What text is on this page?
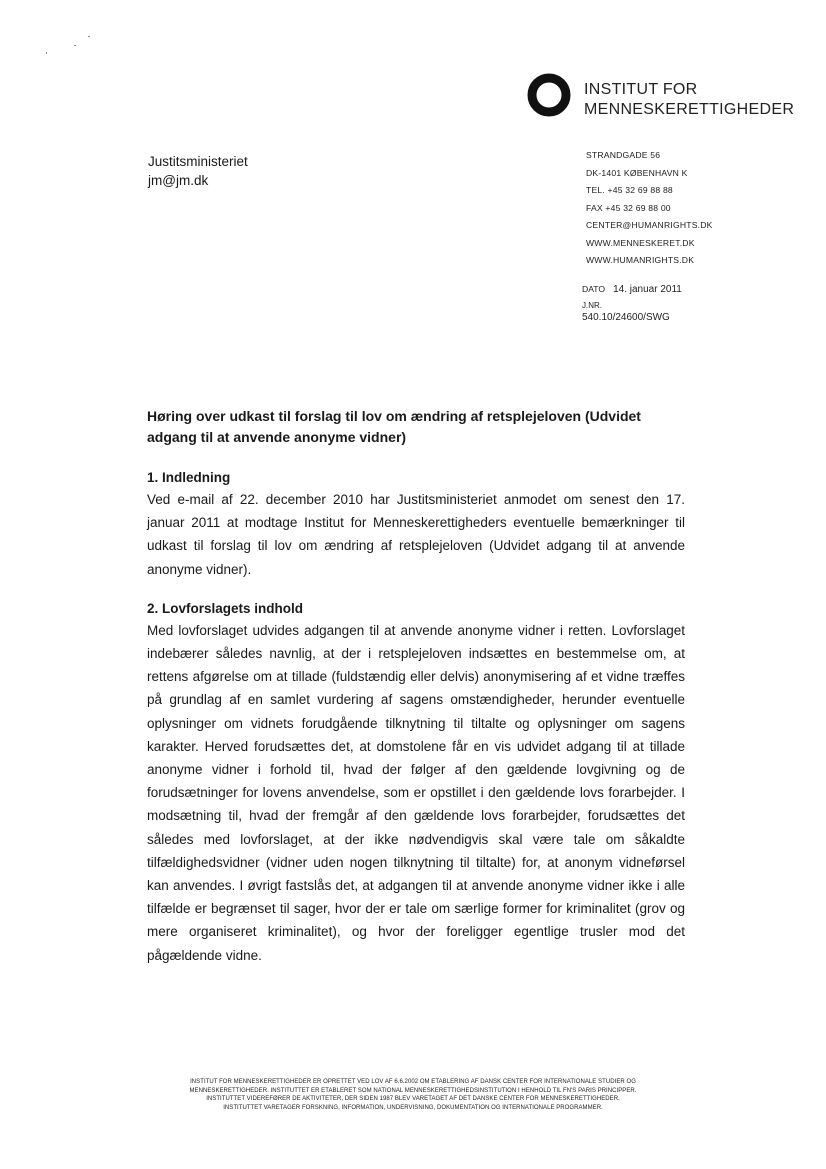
INSTITUT FOR
MENNESKERETTIGHEDER
Justitsministeriet
jm@jm.dk
STRANDGADE 56
DK-1401 KØBENHAVN K
TEL. +45 32 69 88 88
FAX +45 32 69 88 00
CENTER@HUMANRIGHTS.DK
WWW.MENNESKERET.DK
WWW.HUMANRIGHTS.DK
DATO 14. januar 2011
J.NR.
540.10/24600/SWG

Høring over udkast til forslag til lov om ændring af retsplejeloven (Udvidet adgang til at anvende anonyme vidner)

1. Indledning

Ved e-mail af 22. december 2010 har Justitsministeriet anmodet om senest den 17. januar 2011 at modtage Institut for Menneskerettigheders eventuelle bemærkninger til udkast til forslag til lov om ændring af retsplejeloven (Udvidet adgang til at anvende anonyme vidner).

2. Lovforslagets indhold

Med lovforslaget udvides adgangen til at anvende anonyme vidner i retten. Lovforslaget indebærer således navnlig, at der i retsplejeloven indsættes en bestemmelse om, at rettens afgørelse om at tillade (fuldstændig eller delvis) anonymisering af et vidne træffes på grundlag af en samlet vurdering af sagens omstændigheder, herunder eventuelle oplysninger om vidnets forudgående tilknytning til tiltalte og oplysninger om sagens karakter. Herved forudsættes det, at domstolene får en vis udvidet adgang til at tillade anonyme vidner i forhold til, hvad der følger af den gældende lovgivning og de forudsætninger for lovens anvendelse, som er opstillet i den gældende lovs forarbejder. I modsætning til, hvad der fremgår af den gældende lovs forarbejder, forudsættes det således med lovforslaget, at der ikke nødvendigvis skal være tale om såkaldte tilfældighedsvidner (vidner uden nogen tilknytning til tiltalte) for, at anonym vidneførsel kan anvendes. I øvrigt fastslås det, at adgangen til at anvende anonyme vidner ikke i alle tilfælde er begrænset til sager, hvor der er tale om særlige former for kriminalitet (grov og mere organiseret kriminalitet), og hvor der foreligger egentlige trusler mod det pågældende vidne.

INSTITUT FOR MENNESKERETTIGHEDER ER OPRETTET VED LOV AF 6.6.2002 OM ETABLERING AF DANSK CENTER FOR INTERNATIONALE STUDIER OG
MENNESKERETTIGHEDER. INSTITUTTET ER ETABLERET SOM NATIONAL MENNESKERETTIGHEDSINSTITUTION I HENHOLD TIL FN'S PARIS PRINCIPPER.
INSTITUTTET VIDEREFØRER DE AKTIVITETER, DER SIDEN 1987 BLEV VARETAGET AF DET DANSKE CENTER FOR MENNESKERETTIGHEDER.
INSTITUTTET VARETAGER FORSKNING, INFORMATION, UNDERVISNING, DOKUMENTATION OG INTERNATIONALE PROGRAMMER.
